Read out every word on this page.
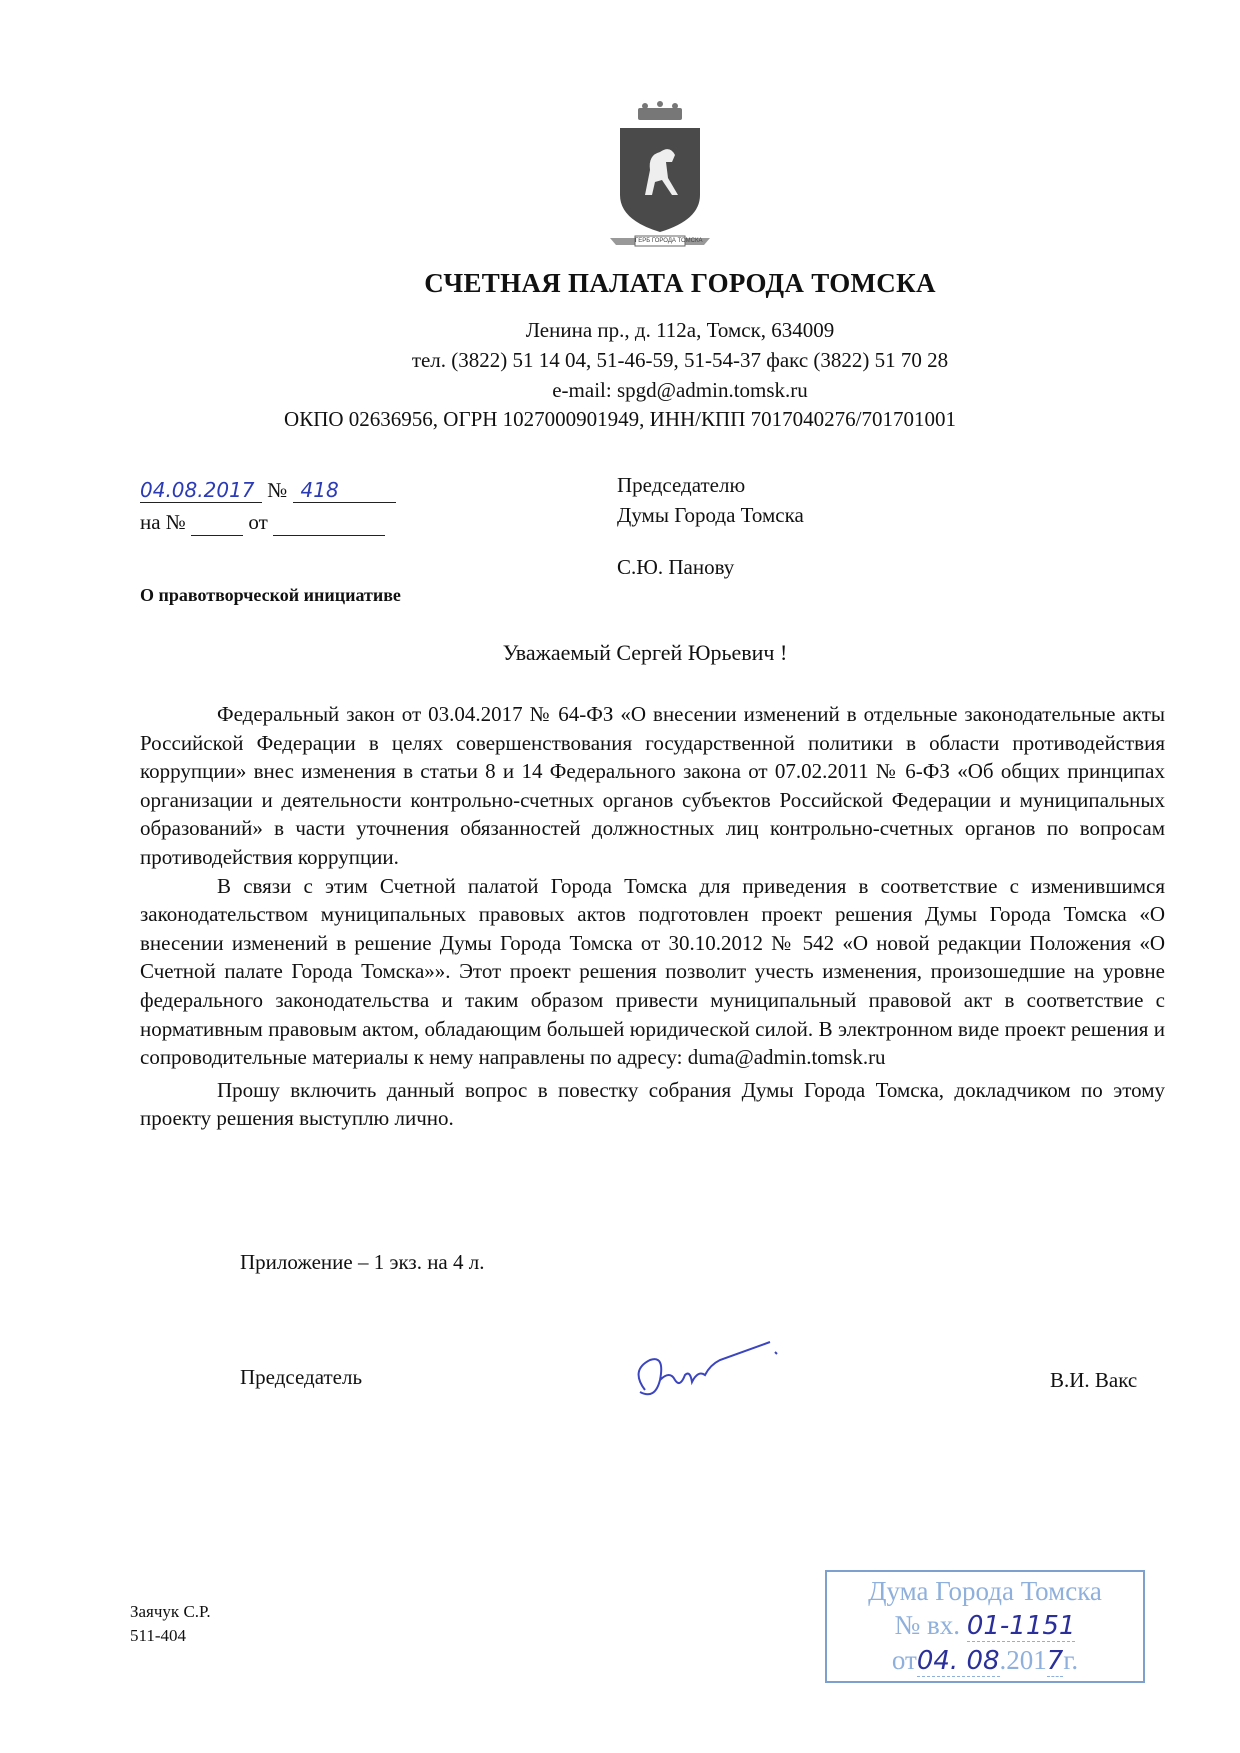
ГЕРБ ГОРОДА ТОМСКА
СЧЕТНАЯ ПАЛАТА ГОРОДА ТОМСКА
Ленина пр., д. 112а, Томск, 634009
тел. (3822) 51 14 04, 51-46-59, 51-54-37 факс (3822) 51 70 28
e-mail: spgd@admin.tomsk.ru
ОКПО 02636956, ОГРН 1027000901949, ИНН/КПП 7017040276/701701001
04.08.2017 № 418
на №	от
Председателю
Думы Города Томска
С.Ю. Панову
О правотворческой инициативе
Уважаемый Сергей Юрьевич !

Федеральный закон от 03.04.2017 № 64-ФЗ «О внесении изменений в отдельные законодательные акты Российской Федерации в целях совершенствования государственной политики в области противодействия коррупции» внес изменения в статьи 8 и 14 Федерального закона от 07.02.2011 № 6-ФЗ «Об общих принципах организации и деятельности контрольно-счетных органов субъектов Российской Федерации и муниципальных образований» в части уточнения обязанностей должностных лиц контрольно-счетных органов по вопросам противодействия коррупции.

В связи с этим Счетной палатой Города Томска для приведения в соответствие с изменившимся законодательством муниципальных правовых актов подготовлен проект решения Думы Города Томска «О внесении изменений в решение Думы Города Томска от 30.10.2012 № 542 «О новой редакции Положения «О Счетной палате Города Томска»». Этот проект решения позволит учесть изменения, произошедшие на уровне федерального законодательства и таким образом привести муниципальный правовой акт в соответствие с нормативным правовым актом, обладающим большей юридической силой. В электронном виде проект решения и сопроводительные материалы к нему направлены по адресу: duma@admin.tomsk.ru

Прошу включить данный вопрос в повестку собрания Думы Города Томска, докладчиком по этому проекту решения выступлю лично.

Приложение – 1 экз. на 4 л.
Председатель	В.И. Вакс
Заячук С.Р.
511-404
Дума Города Томска
№ вх. 01-1151
от04. 08.2017г.
